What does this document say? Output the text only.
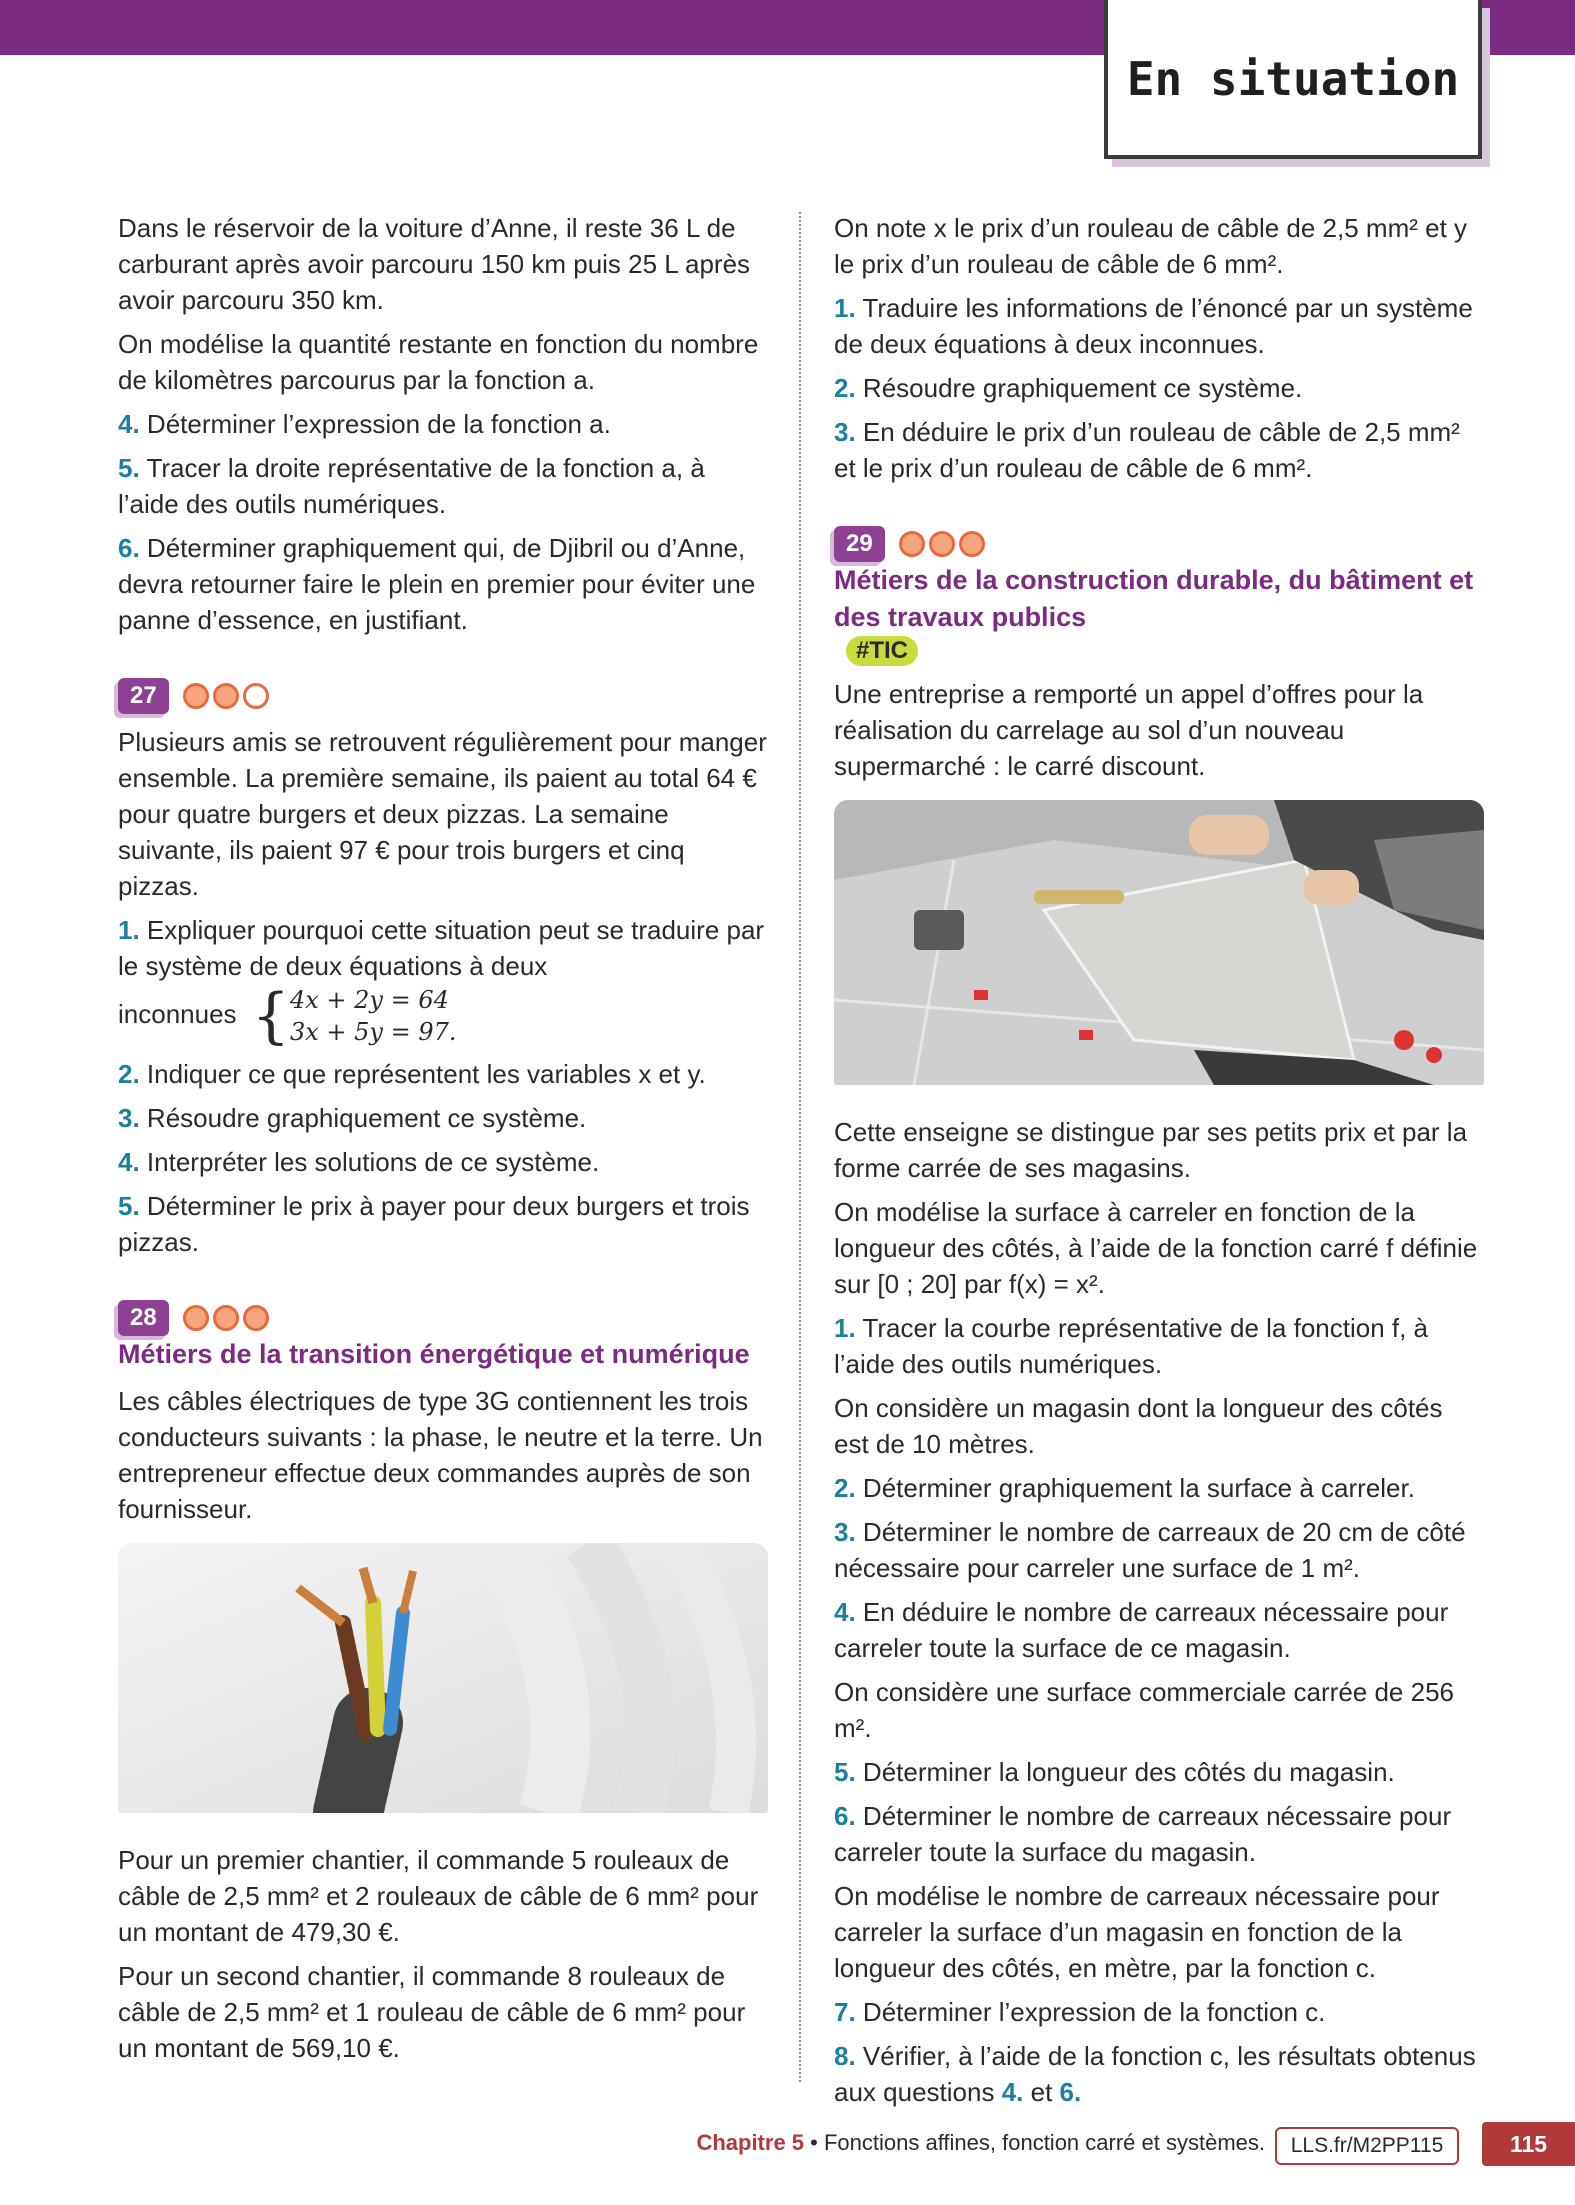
En situation

Dans le réservoir de la voiture d’Anne, il reste 36 L de carburant après avoir parcouru 150 km puis 25 L après avoir parcouru 350 km.

On modélise la quantité restante en fonction du nombre de kilomètres parcourus par la fonction a.

4. Déterminer l’expression de la fonction a.

5. Tracer la droite représentative de la fonction a, à l’aide des outils numériques.

6. Déterminer graphiquement qui, de Djibril ou d’Anne, devra retourner faire le plein en premier pour éviter une panne d’essence, en justifiant.

27

Plusieurs amis se retrouvent régulièrement pour manger ensemble. La première semaine, ils paient au total 64 € pour quatre burgers et deux pizzas. La semaine suivante, ils paient 97 € pour trois burgers et cinq pizzas.

1. Expliquer pourquoi cette situation peut se traduire par le système de deux équations à deux

inconnues { 4x + 2y = 64
3x + 5y = 97.

2. Indiquer ce que représentent les variables x et y.

3. Résoudre graphiquement ce système.

4. Interpréter les solutions de ce système.

5. Déterminer le prix à payer pour deux burgers et trois pizzas.

28
Métiers de la transition énergétique et numérique

Les câbles électriques de type 3G contiennent les trois conducteurs suivants : la phase, le neutre et la terre. Un entrepreneur effectue deux commandes auprès de son fournisseur.

Pour un premier chantier, il commande 5 rouleaux de câble de 2,5 mm² et 2 rouleaux de câble de 6 mm² pour un montant de 479,30 €.

Pour un second chantier, il commande 8 rouleaux de câble de 2,5 mm² et 1 rouleau de câble de 6 mm² pour un montant de 569,10 €.

On note x le prix d’un rouleau de câble de 2,5 mm² et y le prix d’un rouleau de câble de 6 mm².

1. Traduire les informations de l’énoncé par un système de deux équations à deux inconnues.

2. Résoudre graphiquement ce système.

3. En déduire le prix d’un rouleau de câble de 2,5 mm² et le prix d’un rouleau de câble de 6 mm².

29
Métiers de la construction durable, du bâtiment et des travaux publics
#TIC

Une entreprise a remporté un appel d’offres pour la réalisation du carrelage au sol d’un nouveau supermarché : le carré discount.

Cette enseigne se distingue par ses petits prix et par la forme carrée de ses magasins.

On modélise la surface à carreler en fonction de la longueur des côtés, à l’aide de la fonction carré f définie sur [0 ; 20] par f(x) = x².

1. Tracer la courbe représentative de la fonction f, à l’aide des outils numériques.

On considère un magasin dont la longueur des côtés est de 10 mètres.

2. Déterminer graphiquement la surface à carreler.

3. Déterminer le nombre de carreaux de 20 cm de côté nécessaire pour carreler une surface de 1 m².

4. En déduire le nombre de carreaux nécessaire pour carreler toute la surface de ce magasin.

On considère une surface commerciale carrée de 256 m².

5. Déterminer la longueur des côtés du magasin.

6. Déterminer le nombre de carreaux nécessaire pour carreler toute la surface du magasin.

On modélise le nombre de carreaux nécessaire pour carreler la surface d’un magasin en fonction de la longueur des côtés, en mètre, par la fonction c.

7. Déterminer l’expression de la fonction c.

8. Vérifier, à l’aide de la fonction c, les résultats obtenus aux questions 4. et 6.

Chapitre 5 • Fonctions affines, fonction carré et systèmes.	LLS.fr/M2PP115	115
